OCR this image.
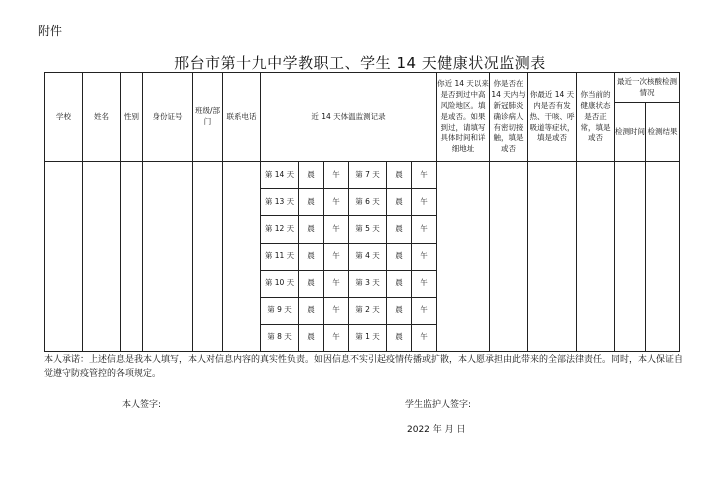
附件
邢台市第十九中学教职工、学生 14 天健康状况监测表
学校	姓名	性别	身份证号	班级/部门	联系电话	近 14 天体温监测记录						你近 14 天以来是否到过中高风险地区。填是或否。如果到过，请填写具体时间和详细地址	你是否在 14 天内与新冠肺炎确诊病人有密切接触，填是或否	你最近 14 天内是否有发热、干咳、呼吸道等症状，填是或否	你当前的健康状态是否正常，填是或否	最近一次核酸检测情况	
																检测时间	检测结果
						第 14 天	晨	午	第 7 天	晨	午						
						第 13 天	晨	午	第 6 天	晨	午						
						第 12 天	晨	午	第 5 天	晨	午						
						第 11 天	晨	午	第 4 天	晨	午						
						第 10 天	晨	午	第 3 天	晨	午						
						第 9 天	晨	午	第 2 天	晨	午						
						第 8 天	晨	午	第 1 天	晨	午						
本人承诺：上述信息是我本人填写，本人对信息内容的真实性负责。如因信息不实引起疫情传播或扩散，本人愿承担由此带来的全部法律责任。同时，本人保证自觉遵守防疫管控的各项规定。
本人签字:	学生监护人签字:
2022 年 月 日
